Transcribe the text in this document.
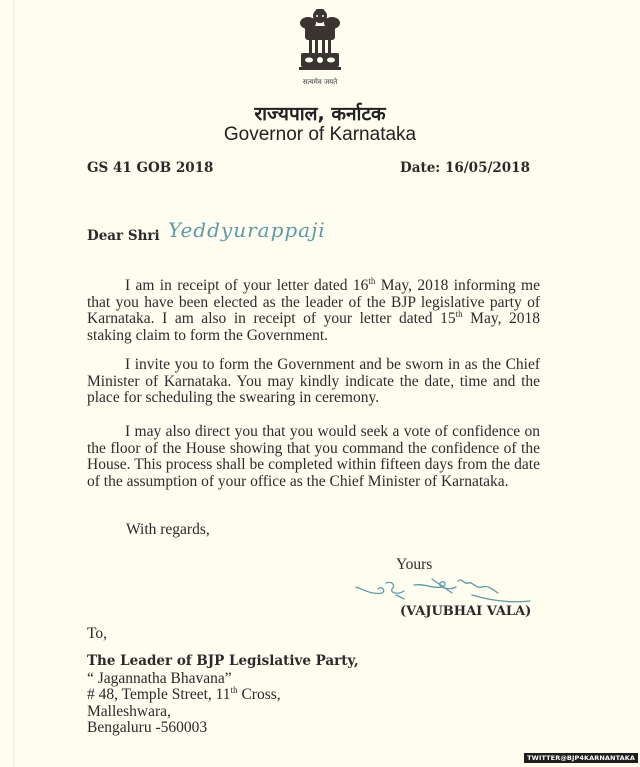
सत्यमेव जयते
राज्यपाल, कर्नाटक
Governor of Karnataka
GS 41 GOB 2018	Date: 16/05/2018
Dear Shri Yeddyurappaji
I am in receipt of your letter dated 16th May, 2018 informing me that you have been elected as the leader of the BJP legislative party of Karnataka. I am also in receipt of your letter dated 15th May, 2018 staking claim to form the Government.
I invite you to form the Government and be sworn in as the Chief Minister of Karnataka. You may kindly indicate the date, time and the place for scheduling the swearing in ceremony.
I may also direct you that you would seek a vote of confidence on the floor of the House showing that you command the confidence of the House. This process shall be completed within fifteen days from the date of the assumption of your office as the Chief Minister of Karnataka.
With regards,
Yours
(VAJUBHAI VALA)
To,
The Leader of BJP Legislative Party,
“ Jagannatha Bhavana”
# 48, Temple Street, 11th Cross,
Malleshwara,
Bengaluru -560003
TWITTER@BJP4KARNANTAKA
